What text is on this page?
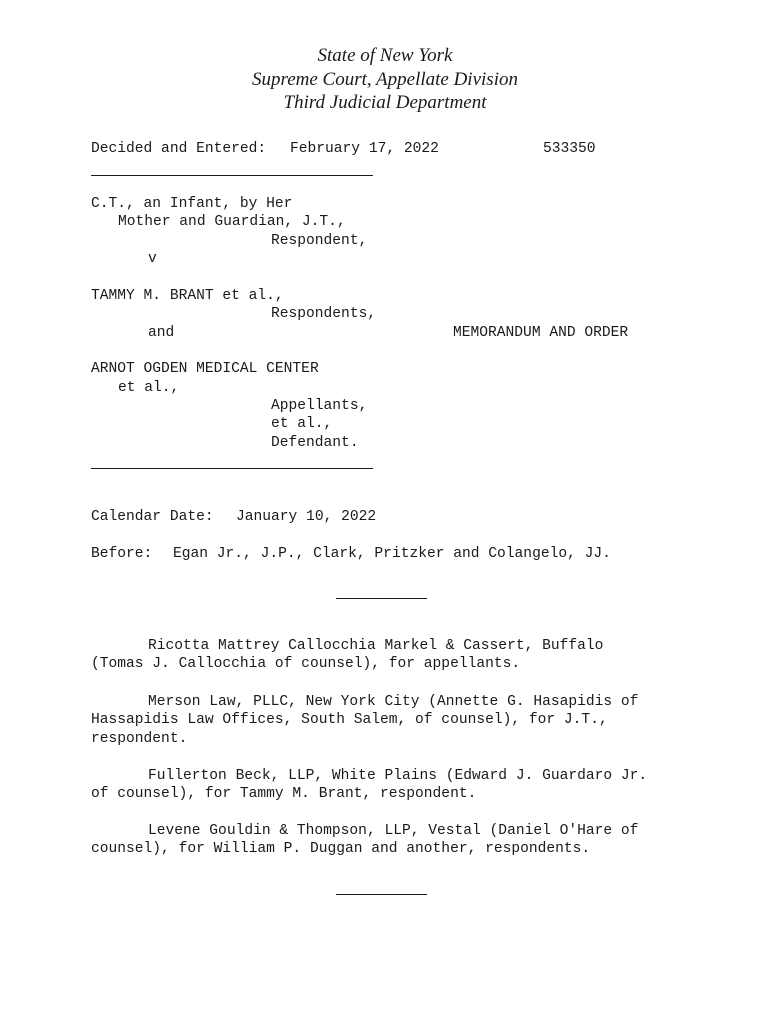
State of New York
Supreme Court, Appellate Division
Third Judicial Department
Decided and Entered: February 17, 2022	533350
C.T., an Infant, by Her
Mother and Guardian, J.T.,
Respondent,
v
TAMMY M. BRANT et al.,
Respondents,
and	MEMORANDUM AND ORDER
ARNOT OGDEN MEDICAL CENTER
et al.,
Appellants,
et al.,
Defendant.
Calendar Date: January 10, 2022
Before: Egan Jr., J.P., Clark, Pritzker and Colangelo, JJ.
Ricotta Mattrey Callocchia Markel & Cassert, Buffalo
(Tomas J. Callocchia of counsel), for appellants.
Merson Law, PLLC, New York City (Annette G. Hasapidis of
Hassapidis Law Offices, South Salem, of counsel), for J.T.,
respondent.
Fullerton Beck, LLP, White Plains (Edward J. Guardaro Jr.
of counsel), for Tammy M. Brant, respondent.
Levene Gouldin & Thompson, LLP, Vestal (Daniel O'Hare of
counsel), for William P. Duggan and another, respondents.
